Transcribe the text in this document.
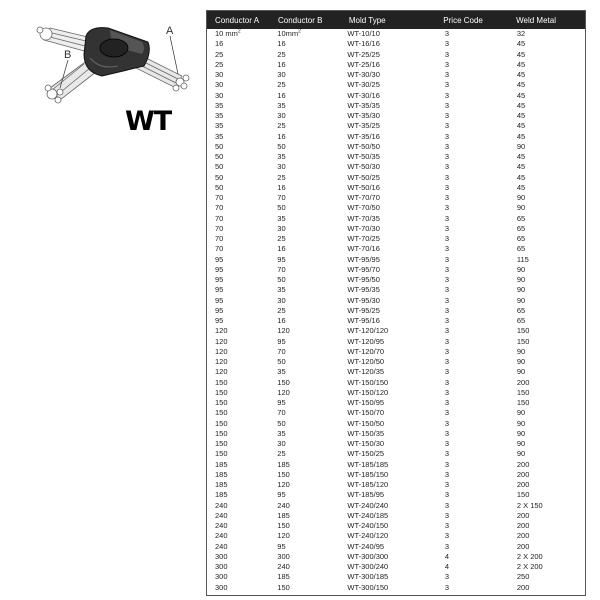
A
B
WT
Conductor A	Conductor B	Mold Type	Price Code	Weld Metal
10 $mm^2$	$10mm^2$	WT-10/10	3	32
16	16	WT-16/16	3	45
25	25	WT-25/25	3	45
25	16	WT-25/16	3	45
30	30	WT-30/30	3	45
30	25	WT-30/25	3	45
30	16	WT-30/16	3	45
35	35	WT-35/35	3	45
35	30	WT-35/30	3	45
35	25	WT-35/25	3	45
35	16	WT-35/16	3	45
50	50	WT-50/50	3	90
50	35	WT-50/35	3	45
50	30	WT-50/30	3	45
50	25	WT-50/25	3	45
50	16	WT-50/16	3	45
70	70	WT-70/70	3	90
70	50	WT-70/50	3	90
70	35	WT-70/35	3	65
70	30	WT-70/30	3	65
70	25	WT-70/25	3	65
70	16	WT-70/16	3	65
95	95	WT-95/95	3	115
95	70	WT-95/70	3	90
95	50	WT-95/50	3	90
95	35	WT-95/35	3	90
95	30	WT-95/30	3	90
95	25	WT-95/25	3	65
95	16	WT-95/16	3	65
120	120	WT-120/120	3	150
120	95	WT-120/95	3	150
120	70	WT-120/70	3	90
120	50	WT-120/50	3	90
120	35	WT-120/35	3	90
150	150	WT-150/150	3	200
150	120	WT-150/120	3	150
150	95	WT-150/95	3	150
150	70	WT-150/70	3	90
150	50	WT-150/50	3	90
150	35	WT-150/35	3	90
150	30	WT-150/30	3	90
150	25	WT-150/25	3	90
185	185	WT-185/185	3	200
185	150	WT-185/150	3	200
185	120	WT-185/120	3	200
185	95	WT-185/95	3	150
240	240	WT-240/240	3	2 X 150
240	185	WT-240/185	3	200
240	150	WT-240/150	3	200
240	120	WT-240/120	3	200
240	95	WT-240/95	3	200
300	300	WT-300/300	4	2 X 200
300	240	WT-300/240	4	2 X 200
300	185	WT-300/185	3	250
300	150	WT-300/150	3	200
